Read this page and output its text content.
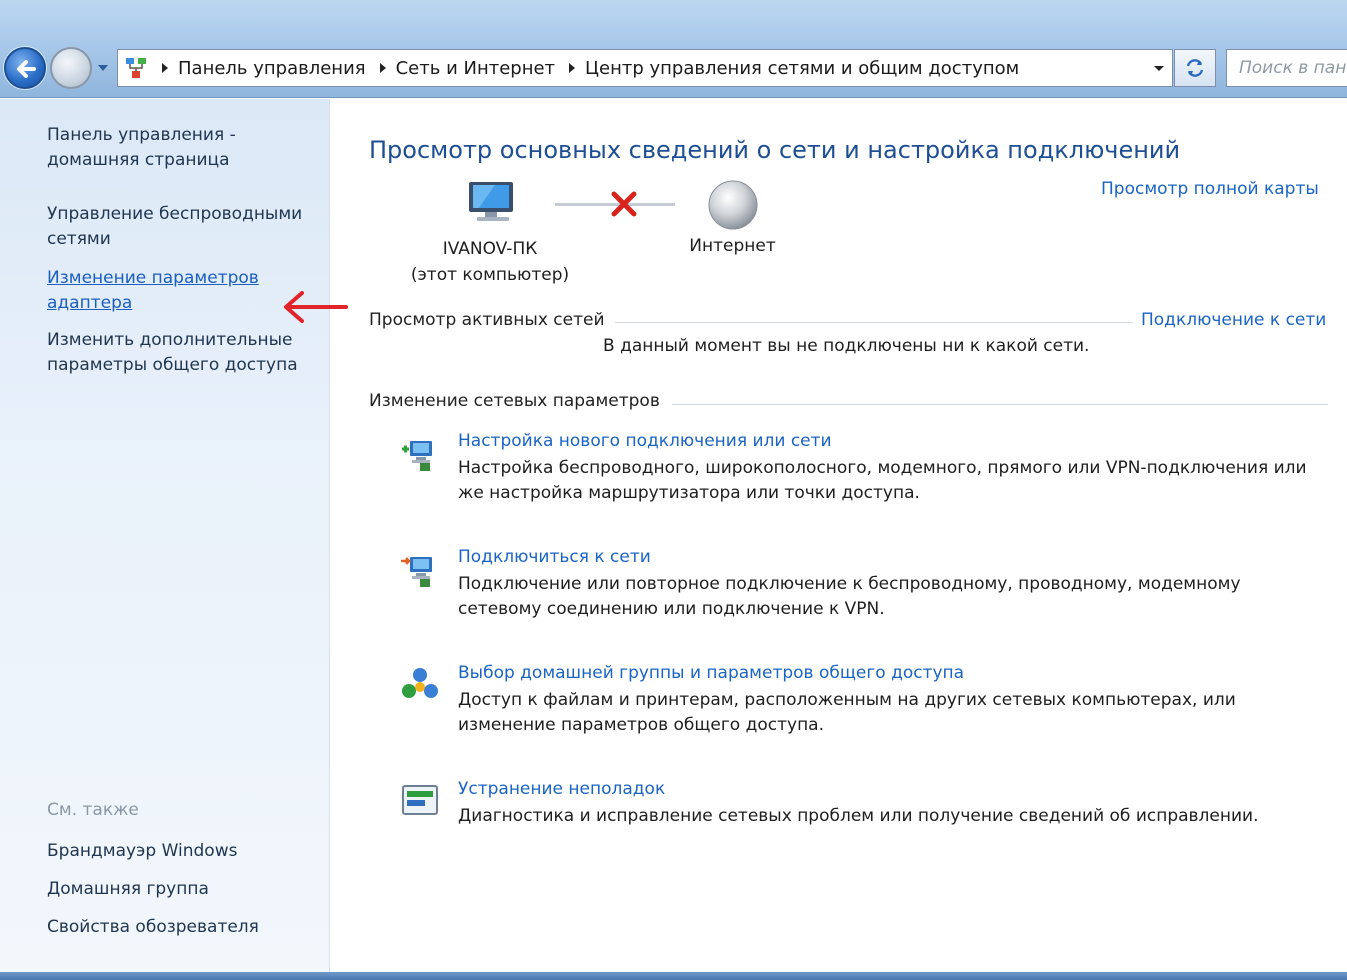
Панель управления	Сеть и Интернет	Центр управления сетями и общим доступом	Поиск в пан
Панель управления - домашняя страница
Управление беспроводными сетями
Изменение параметров адаптера
Изменить дополнительные параметры общего доступа
См. также
Брандмауэр Windows
Домашняя группа
Свойства обозревателя
Просмотр основных сведений о сети и настройка подключений
Просмотр полной карты
IVANOV-ПК
(этот компьютер)
Интернет
Просмотр активных сетей	Подключение к сети
В данный момент вы не подключены ни к какой сети.
Изменение сетевых параметров
Настройка нового подключения или сети
Настройка беспроводного, широкополосного, модемного, прямого или VPN-подключения или же настройка маршрутизатора или точки доступа.
Подключиться к сети
Подключение или повторное подключение к беспроводному, проводному, модемному сетевому соединению или подключение к VPN.
Выбор домашней группы и параметров общего доступа
Доступ к файлам и принтерам, расположенным на других сетевых компьютерах, или изменение параметров общего доступа.
Устранение неполадок
Диагностика и исправление сетевых проблем или получение сведений об исправлении.
